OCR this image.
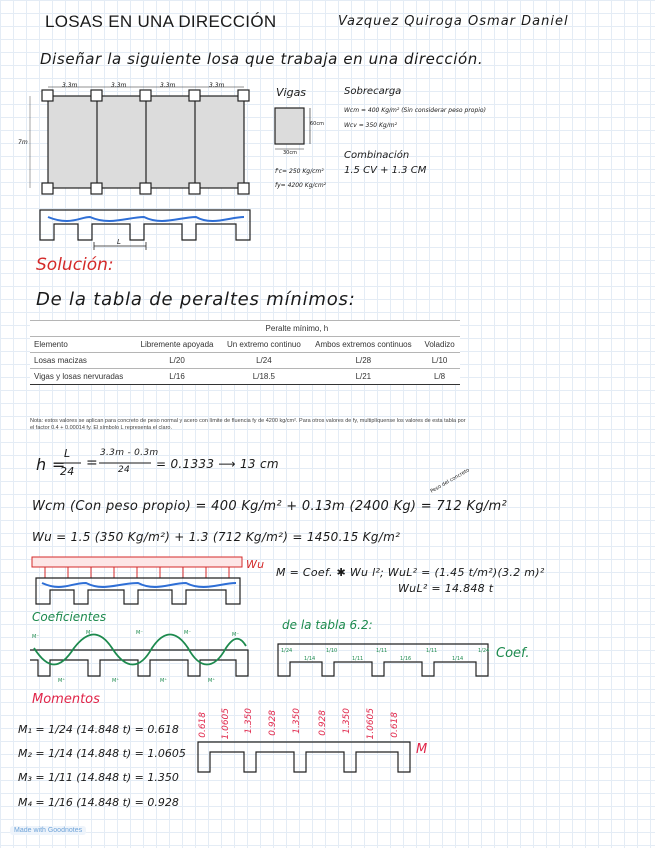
LOSAS EN UNA DIRECCIÓN	Vazquez Quiroga Osmar Daniel
Diseñar la siguiente losa que trabaja en una dirección.
3.3m	3.3m	3.3m	3.3m
7m
Vigas
60cm
30cm
f'c= 250 Kg/cm²
fy= 4200 Kg/cm²
L
Sobrecarga
Wcm = 400 Kg/m² (Sin considerar peso propio)
Wcv = 350 Kg/m²
Combinación
1.5 CV + 1.3 CM
Solución:
De la tabla de peraltes mínimos:
	Peralte mínimo, h			
Elemento	Libremente apoyada	Un extremo continuo	Ambos extremos continuos	Voladizo
Losas macizas	L/20	L/24	L/28	L/10
Vigas y losas nervuradas	L/16	L/18.5	L/21	L/8
Nota: estos valores se aplican para concreto de peso normal y acero con límite de fluencia fy de 4200 kg/cm². Para otros valores de fy, multiplíquense los valores de esta tabla por el factor 0.4 + 0.00014 fy. El símbolo L representa el claro.
h =
L
24
=
3.3m - 0.3m
24 = 0.1333 ⟶ 13 cm
Peso del concreto
Wcm (Con peso propio) = 400 Kg/m² + 0.13m (2400 Kg) = 712 Kg/m²
Wu = 1.5 (350 Kg/m²) + 1.3 (712 Kg/m²) = 1450.15 Kg/m²
Wu
M = Coef. ✱ Wu l² ; WuL² = (1.45 t/m²)(3.2 m)²
WuL² = 14.848 t
Coeficientes
M⁻
M⁻	M⁻	M⁻	M⁻
M⁺	M⁺	M⁺	M⁺
de la tabla 6.2:
Coef.
1/24
1/14
1/10
1/11
1/11
1/16
1/11
1/14
1/24
Momentos
M₁ = 1/24 (14.848 t) = 0.618
M₂ = 1/14 (14.848 t) = 1.0605
M₃ = 1/11 (14.848 t) = 1.350
M₄ = 1/16 (14.848 t) = 0.928
0.618 1.0605 1.350 0.928 1.350 0.928 1.350 1.0605 0.618
M
Made with Goodnotes
